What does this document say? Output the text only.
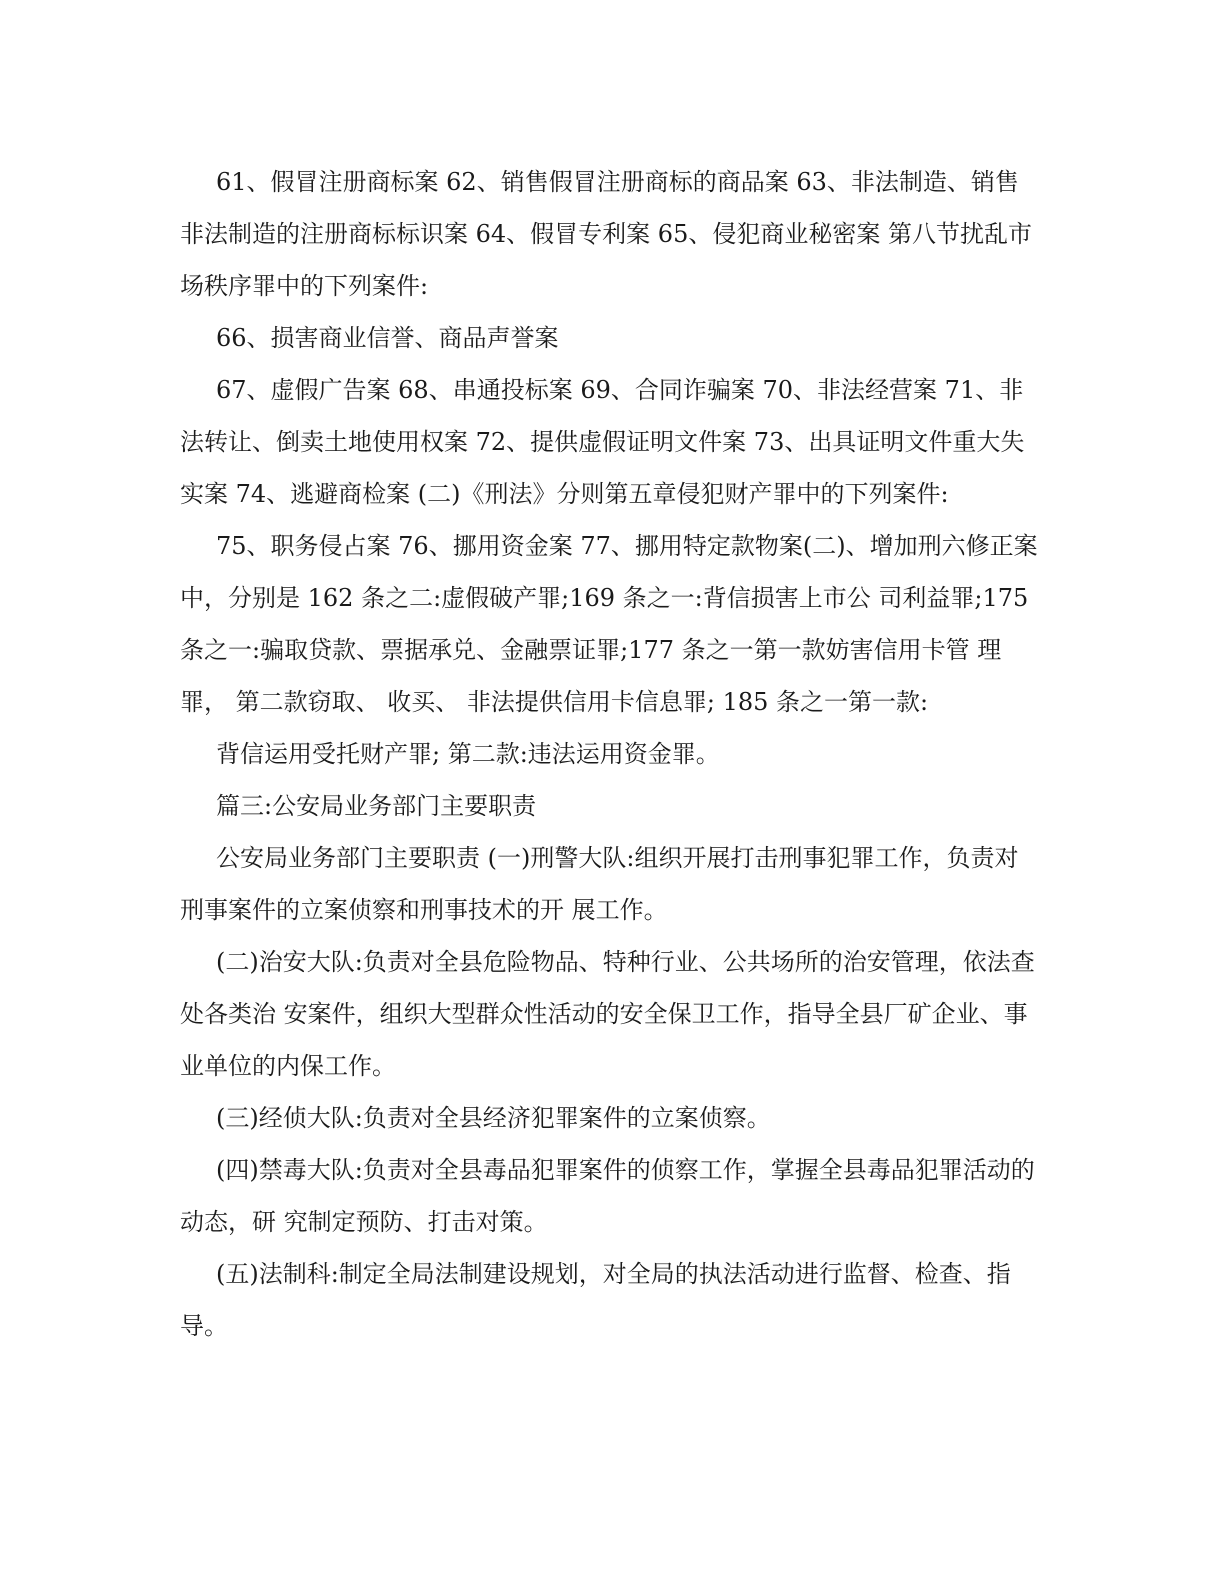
61、假冒注册商标案 62、销售假冒注册商标的商品案 63、非法制造、销售非法制造的注册商标标识案 64、假冒专利案 65、侵犯商业秘密案 第八节扰乱市场秩序罪中的下列案件:

66、损害商业信誉、商品声誉案

67、虚假广告案 68、串通投标案 69、合同诈骗案 70、非法经营案 71、非法转让、倒卖土地使用权案 72、提供虚假证明文件案 73、出具证明文件重大失实案 74、逃避商检案 (二)《刑法》分则第五章侵犯财产罪中的下列案件:

75、职务侵占案 76、挪用资金案 77、挪用特定款物案(二)、增加刑六修正案中，分别是 162 条之二:虚假破产罪;169 条之一:背信损害上市公 司利益罪;175 条之一:骗取贷款、票据承兑、金融票证罪;177 条之一第一款妨害信用卡管 理罪， 第二款窃取、 收买、 非法提供信用卡信息罪; 185 条之一第一款:

背信运用受托财产罪; 第二款:违法运用资金罪。

篇三:公安局业务部门主要职责

公安局业务部门主要职责 (一)刑警大队:组织开展打击刑事犯罪工作，负责对刑事案件的立案侦察和刑事技术的开 展工作。

(二)治安大队:负责对全县危险物品、特种行业、公共场所的治安管理，依法查处各类治 安案件，组织大型群众性活动的安全保卫工作，指导全县厂矿企业、事业单位的内保工作。

(三)经侦大队:负责对全县经济犯罪案件的立案侦察。

(四)禁毒大队:负责对全县毒品犯罪案件的侦察工作，掌握全县毒品犯罪活动的动态，研 究制定预防、打击对策。

(五)法制科:制定全局法制建设规划，对全局的执法活动进行监督、检查、指导。
